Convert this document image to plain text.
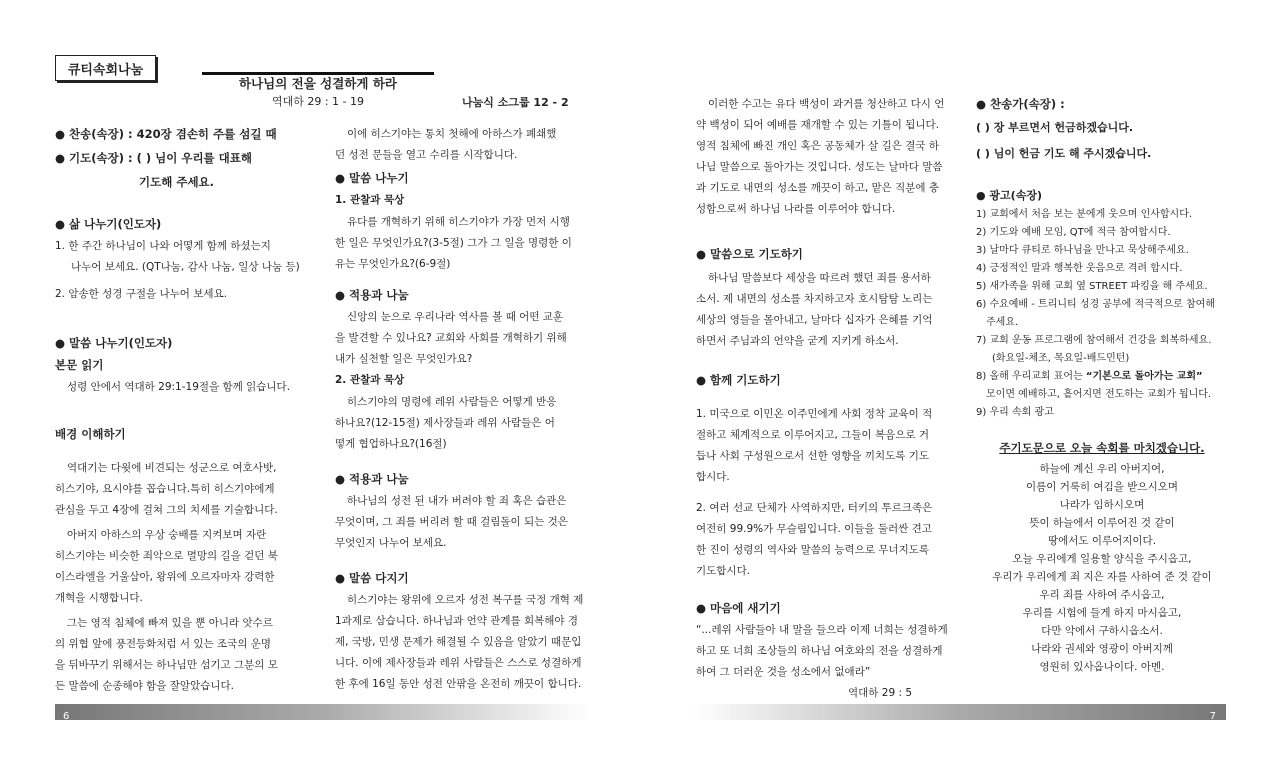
큐티속회나눔
하나님의 전을 성결하게 하라
역대하 29 : 1 - 19	나눔식 소그룹 12 - 2

● 찬송(속장) : 420장 겸손히 주를 섬길 때

● 기도(속장) : ( ) 님이 우리를 대표해

기도해 주세요.

● 삶 나누기(인도자)

1. 한 주간 하나님이 나와 어떻게 함께 하셨는지

나누어 보세요. (QT나눔, 감사 나눔, 일상 나눔 등)

2. 암송한 성경 구절을 나누어 보세요.

● 말씀 나누기(인도자)

본문 읽기

성령 안에서 역대하 29:1-19절을 함께 읽습니다.

배경 이해하기

역대기는 다윗에 비견되는 성군으로 여호사밧,

히스기야, 요시야를 꼽습니다.특히 히스기야에게

관심을 두고 4장에 걸쳐 그의 치세를 기술합니다.

아버지 아하스의 우상 숭배를 지켜보며 자란

히스기야는 비슷한 죄악으로 멸망의 길을 걷던 북

이스라엘을 거울삼아, 왕위에 오르자마자 강력한

개혁을 시행합니다.

그는 영적 침체에 빠져 있을 뿐 아니라 앗수르

의 위협 앞에 풍전등화처럼 서 있는 조국의 운명

을 뒤바꾸기 위해서는 하나님만 섬기고 그분의 모

든 말씀에 순종해야 함을 잘알았습니다.

이에 히스기야는 통치 첫해에 아하스가 폐쇄했

던 성전 문들을 열고 수리를 시작합니다.

● 말씀 나누기

1. 관찰과 묵상

유다를 개혁하기 위해 히스기야가 가장 먼저 시행

한 일은 무엇인가요?(3-5절) 그가 그 일을 명령한 이

유는 무엇인가요?(6-9절)

● 적용과 나눔

신앙의 눈으로 우리나라 역사를 볼 때 어떤 교훈

을 발견할 수 있나요? 교회와 사회를 개혁하기 위해

내가 실천할 일은 무엇인가요?

2. 관찰과 묵상

히스기야의 명령에 레위 사람들은 어떻게 반응

하나요?(12-15절) 제사장들과 레위 사람들은 어

떻게 협업하나요?(16절)

● 적용과 나눔

하나님의 성전 된 내가 버려야 할 죄 혹은 습관은

무엇이며, 그 죄를 버리려 할 때 걸림돌이 되는 것은

무엇인지 나누어 보세요.

● 말씀 다지기

히스기야는 왕위에 오르자 성전 복구를 국정 개혁 제

1과제로 삼습니다. 하나님과 언약 관계를 회복해야 경

제, 국방, 민생 문제가 해결될 수 있음을 알았기 때문입

니다. 이에 제사장들과 레위 사람들은 스스로 성결하게

한 후에 16일 동안 성전 안팎을 온전히 깨끗이 합니다.

이러한 수고는 유다 백성이 과거를 청산하고 다시 언

약 백성이 되어 예배를 재개할 수 있는 기틀이 됩니다.

영적 침체에 빠진 개인 혹은 공동체가 살 길은 결국 하

나님 말씀으로 돌아가는 것입니다. 성도는 날마다 말씀

과 기도로 내면의 성소를 깨끗이 하고, 맡은 직분에 충

성함으로써 하나님 나라를 이루어야 합니다.

● 말씀으로 기도하기

하나님 말씀보다 세상을 따르려 했던 죄를 용서하

소서. 제 내면의 성소를 차지하고자 호시탐탐 노리는

세상의 영들을 몰아내고, 날마다 십자가 은혜를 기억

하면서 주님과의 언약을 굳게 지키게 하소서.

● 함께 기도하기

1. 미국으로 이민온 이주민에게 사회 정착 교육이 적

절하고 체계적으로 이루어지고, 그들이 복음으로 거

듭나 사회 구성원으로서 선한 영향을 끼치도록 기도

합시다.

2. 여러 선교 단체가 사역하지만, 터키의 투르크족은

여전히 99.9%가 무슬림입니다. 이들을 둘러싼 견고

한 진이 성령의 역사와 말씀의 능력으로 무너지도록

기도합시다.

● 마음에 새기기

“...레위 사람들아 내 말을 들으라 이제 너희는 성결하게

하고 또 너희 조상들의 하나님 여호와의 전을 성결하게

하여 그 더러운 것을 성소에서 없애라”

역대하 29 : 5

● 찬송가(속장) :

( ) 장 부르면서 헌금하겠습니다.

( ) 님이 헌금 기도 해 주시겠습니다.

● 광고(속장)

1) 교회에서 처음 보는 분에게 웃으며 인사합시다.
2) 기도와 예배 모임, QT에 적극 참여합시다.
3) 날마다 큐티로 하나님을 만나고 묵상해주세요.
4) 긍정적인 말과 행복한 웃음으로 격려 합시다.
5) 새가족을 위해 교회 옆 STREET 파킹을 해 주세요.
6) 수요예배 - 트리니티 성경 공부에 적극적으로 참여해
주세요.
7) 교회 운동 프로그램에 참여해서 건강을 회복하세요.
(화요일-체조, 목요일-배드민턴)
8) 올해 우리교회 표어는 “기본으로 돌아가는 교회”
모이면 예배하고, 흩어지면 전도하는 교회가 됩니다.
9) 우리 속회 광고

주기도문으로 오늘 속회를 마치겠습니다.

하늘에 계신 우리 아버지여,
이름이 거룩히 여김을 받으시오며
나라가 임하시오며
뜻이 하늘에서 이루어진 것 같이
땅에서도 이루어지이다.
오늘 우리에게 일용할 양식을 주시옵고,
우리가 우리에게 죄 지은 자를 사하여 준 것 같이
우리 죄를 사하여 주시옵고,
우리를 시험에 들게 하지 마시옵고,
다만 악에서 구하시옵소서.
나라와 권세와 영광이 아버지께
영원히 있사옵나이다. 아멘.
6	7
